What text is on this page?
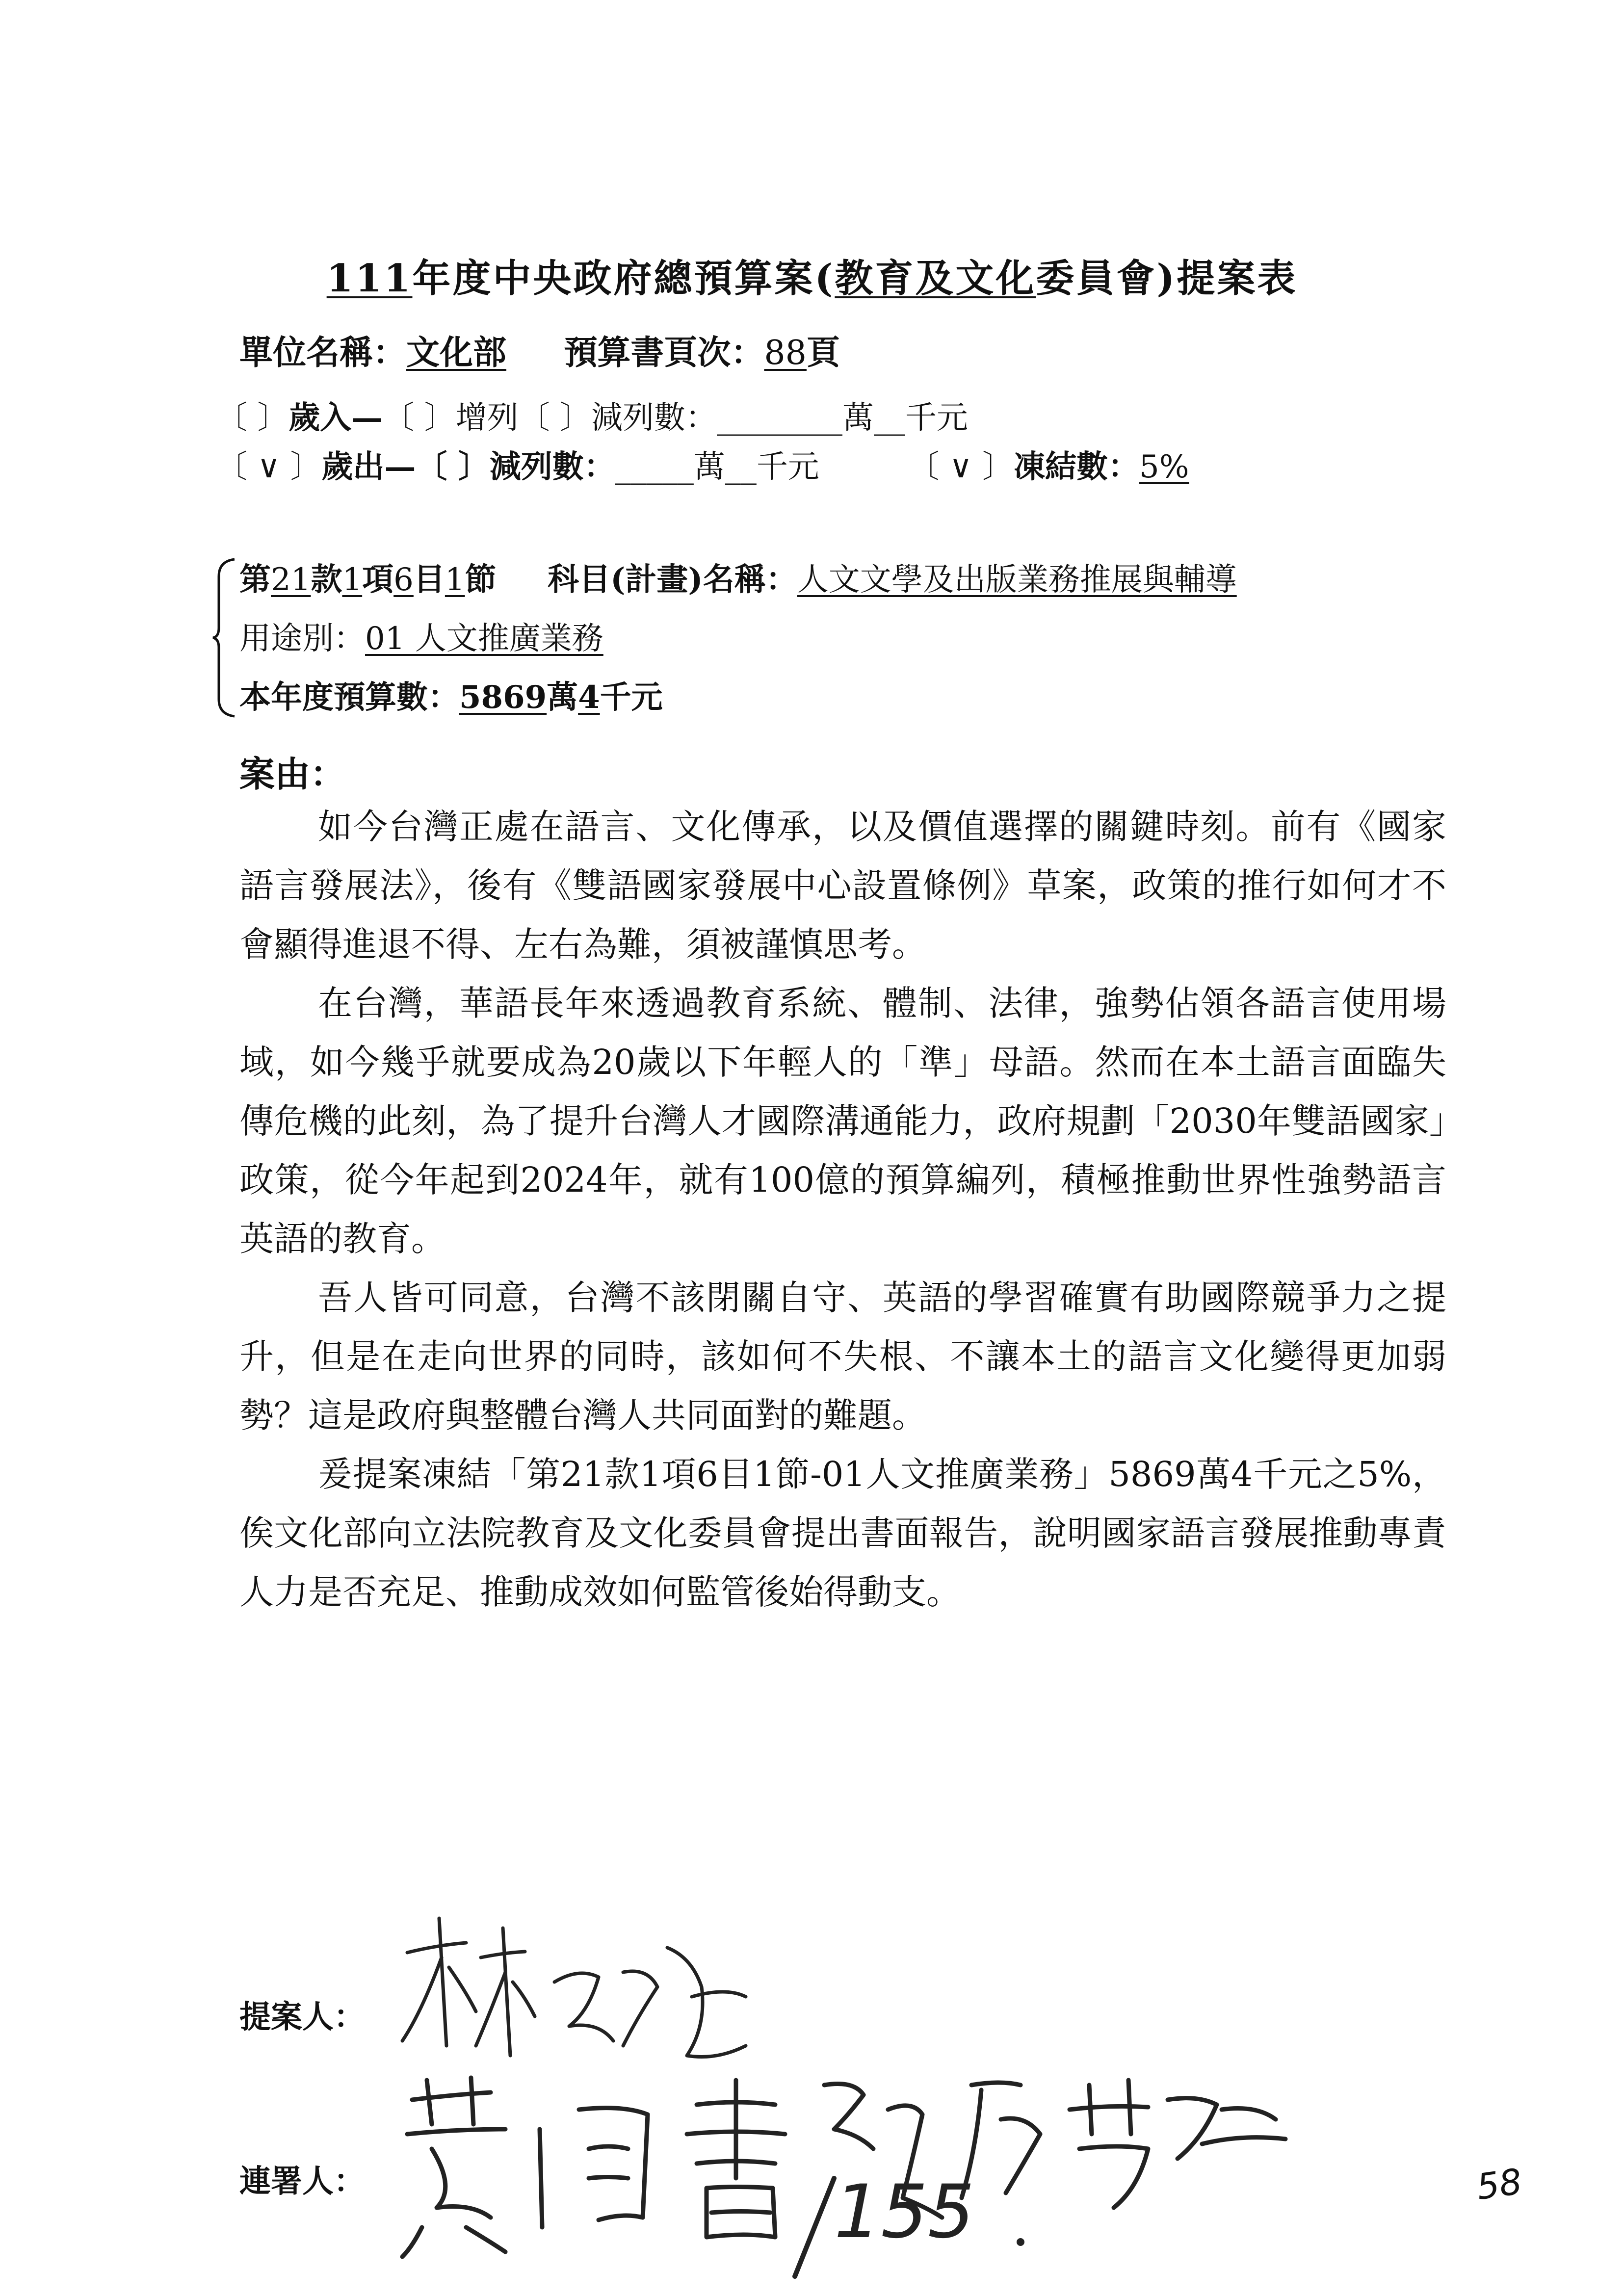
111年度中央政府總預算案(教育及文化委員會)提案表
單位名稱：文化部 預算書頁次：88頁
〔 〕歲入—〔 〕增列〔 〕減列數：________萬__千元
〔 ∨ 〕歲出—〔 〕減列數：_____萬__千元	〔 ∨ 〕凍結數：5%
第21款1項6目1節 科目(計畫)名稱：人文文學及出版業務推展與輔導
用途別：01 人文推廣業務
本年度預算數：5869萬4千元
案由：

如今台灣正處在語言、文化傳承，以及價值選擇的關鍵時刻。前有《國家語言發展法》，後有《雙語國家發展中心設置條例》草案，政策的推行如何才不會顯得進退不得、左右為難，須被謹慎思考。

在台灣，華語長年來透過教育系統、體制、法律，強勢佔領各語言使用場域，如今幾乎就要成為20歲以下年輕人的「準」母語。然而在本土語言面臨失傳危機的此刻，為了提升台灣人才國際溝通能力，政府規劃「2030年雙語國家」政策，從今年起到2024年，就有100億的預算編列，積極推動世界性強勢語言英語的教育。

吾人皆可同意，台灣不該閉關自守、英語的學習確實有助國際競爭力之提升，但是在走向世界的同時，該如何不失根、不讓本土的語言文化變得更加弱勢？這是政府與整體台灣人共同面對的難題。

爰提案凍結「第21款1項6目1節-01人文推廣業務」5869萬4千元之5%，俟文化部向立法院教育及文化委員會提出書面報告，說明國家語言發展推動專責人力是否充足、推動成效如何監管後始得動支。

提案人：
連署人：	155	58
